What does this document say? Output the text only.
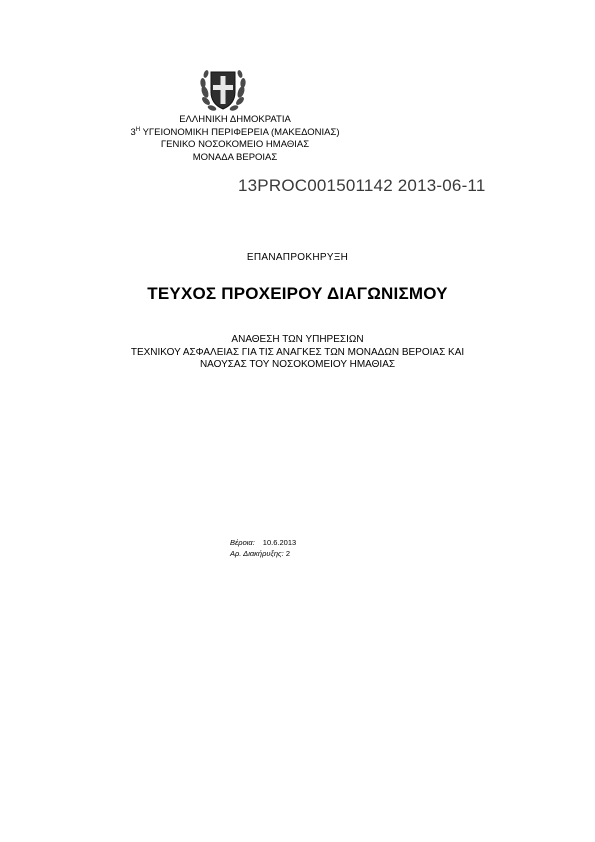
ΕΛΛΗΝΙΚΗ ΔΗΜΟΚΡΑΤΙΑ
$3^H$ ΥΓΕΙΟΝΟΜΙΚΗ ΠΕΡΙΦΕΡΕΙΑ (ΜΑΚΕΔΟΝΙΑΣ)
ΓΕΝΙΚΟ ΝΟΣΟΚΟΜΕΙΟ ΗΜΑΘΙΑΣ
ΜΟΝΑΔΑ ΒΕΡΟΙΑΣ
13PROC001501142 2013-06-11
ΕΠΑΝΑΠΡΟΚΗΡΥΞΗ
ΤΕΥΧΟΣ ΠΡΟΧΕΙΡΟΥ ΔΙΑΓΩΝΙΣΜΟΥ
ΑΝΑΘΕΣΗ ΤΩΝ ΥΠΗΡΕΣΙΩΝ
ΤΕΧΝΙΚΟΥ ΑΣΦΑΛΕΙΑΣ ΓΙΑ ΤΙΣ ΑΝΑΓΚΕΣ ΤΩΝ ΜΟΝΑΔΩΝ ΒΕΡΟΙΑΣ ΚΑΙ
ΝΑΟΥΣΑΣ ΤΟΥ ΝΟΣΟΚΟΜΕΙΟΥ ΗΜΑΘΙΑΣ
Βέροια: 10.6.2013
Αρ. Διακήρυξης: 2
